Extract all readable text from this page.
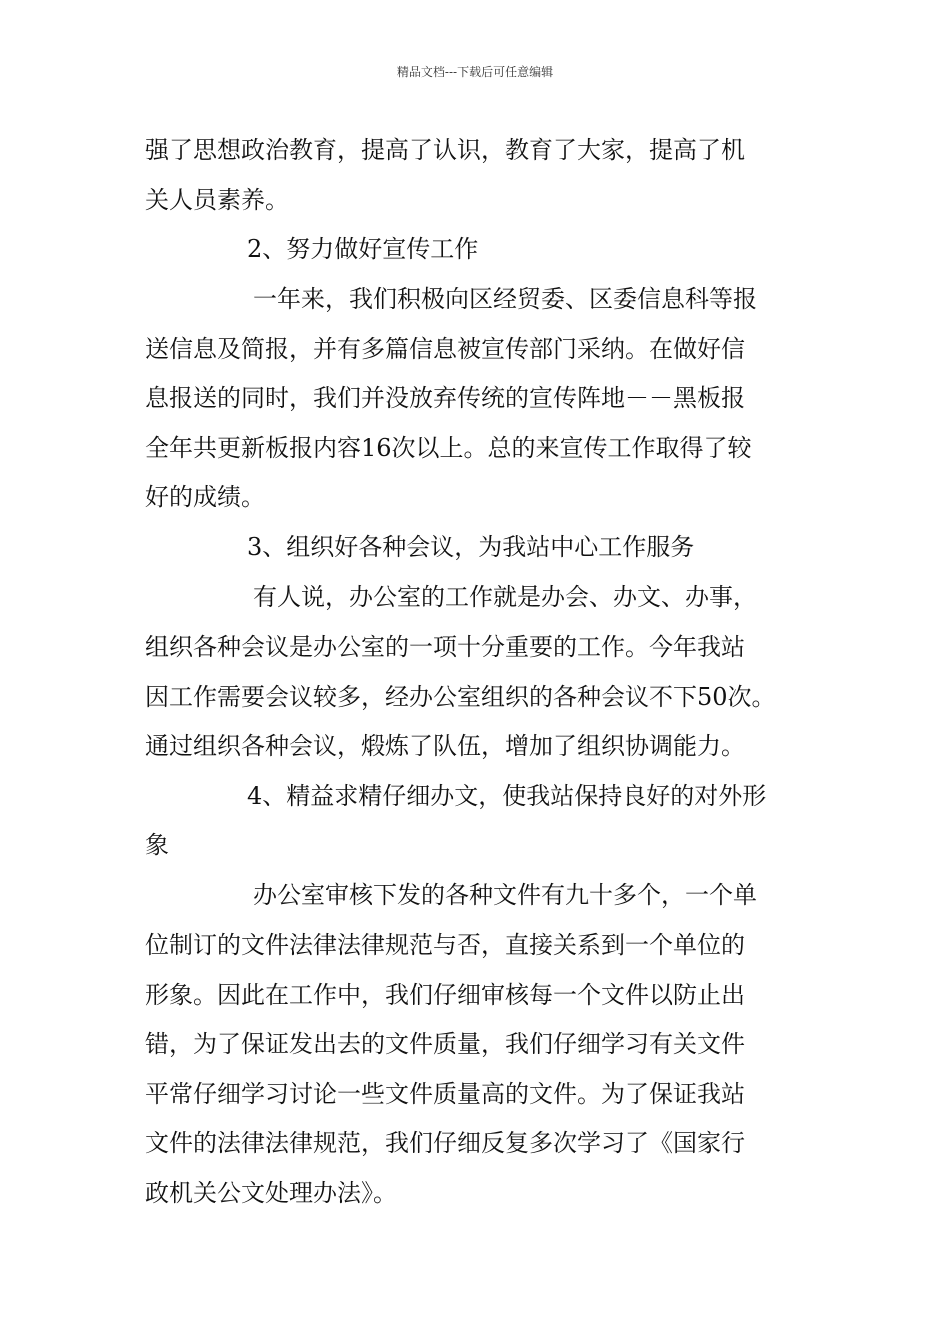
精品文档---下载后可任意编辑
强了思想政治教育，提高了认识，教育了大家，提高了机
关人员素养。
2、努力做好宣传工作
一年来，我们积极向区经贸委、区委信息科等报
送信息及简报，并有多篇信息被宣传部门采纳。在做好信
息报送的同时，我们并没放弃传统的宣传阵地－－黑板报
全年共更新板报内容16次以上。总的来宣传工作取得了较
好的成绩。
3、组织好各种会议，为我站中心工作服务
有人说，办公室的工作就是办会、办文、办事，
组织各种会议是办公室的一项十分重要的工作。今年我站
因工作需要会议较多，经办公室组织的各种会议不下50次。
通过组织各种会议，煅炼了队伍，增加了组织协调能力。
4、精益求精仔细办文，使我站保持良好的对外形
象
办公室审核下发的各种文件有九十多个，一个单
位制订的文件法律法律规范与否，直接关系到一个单位的
形象。因此在工作中，我们仔细审核每一个文件以防止出
错，为了保证发出去的文件质量，我们仔细学习有关文件
平常仔细学习讨论一些文件质量高的文件。为了保证我站
文件的法律法律规范，我们仔细反复多次学习了《国家行
政机关公文处理办法》。
